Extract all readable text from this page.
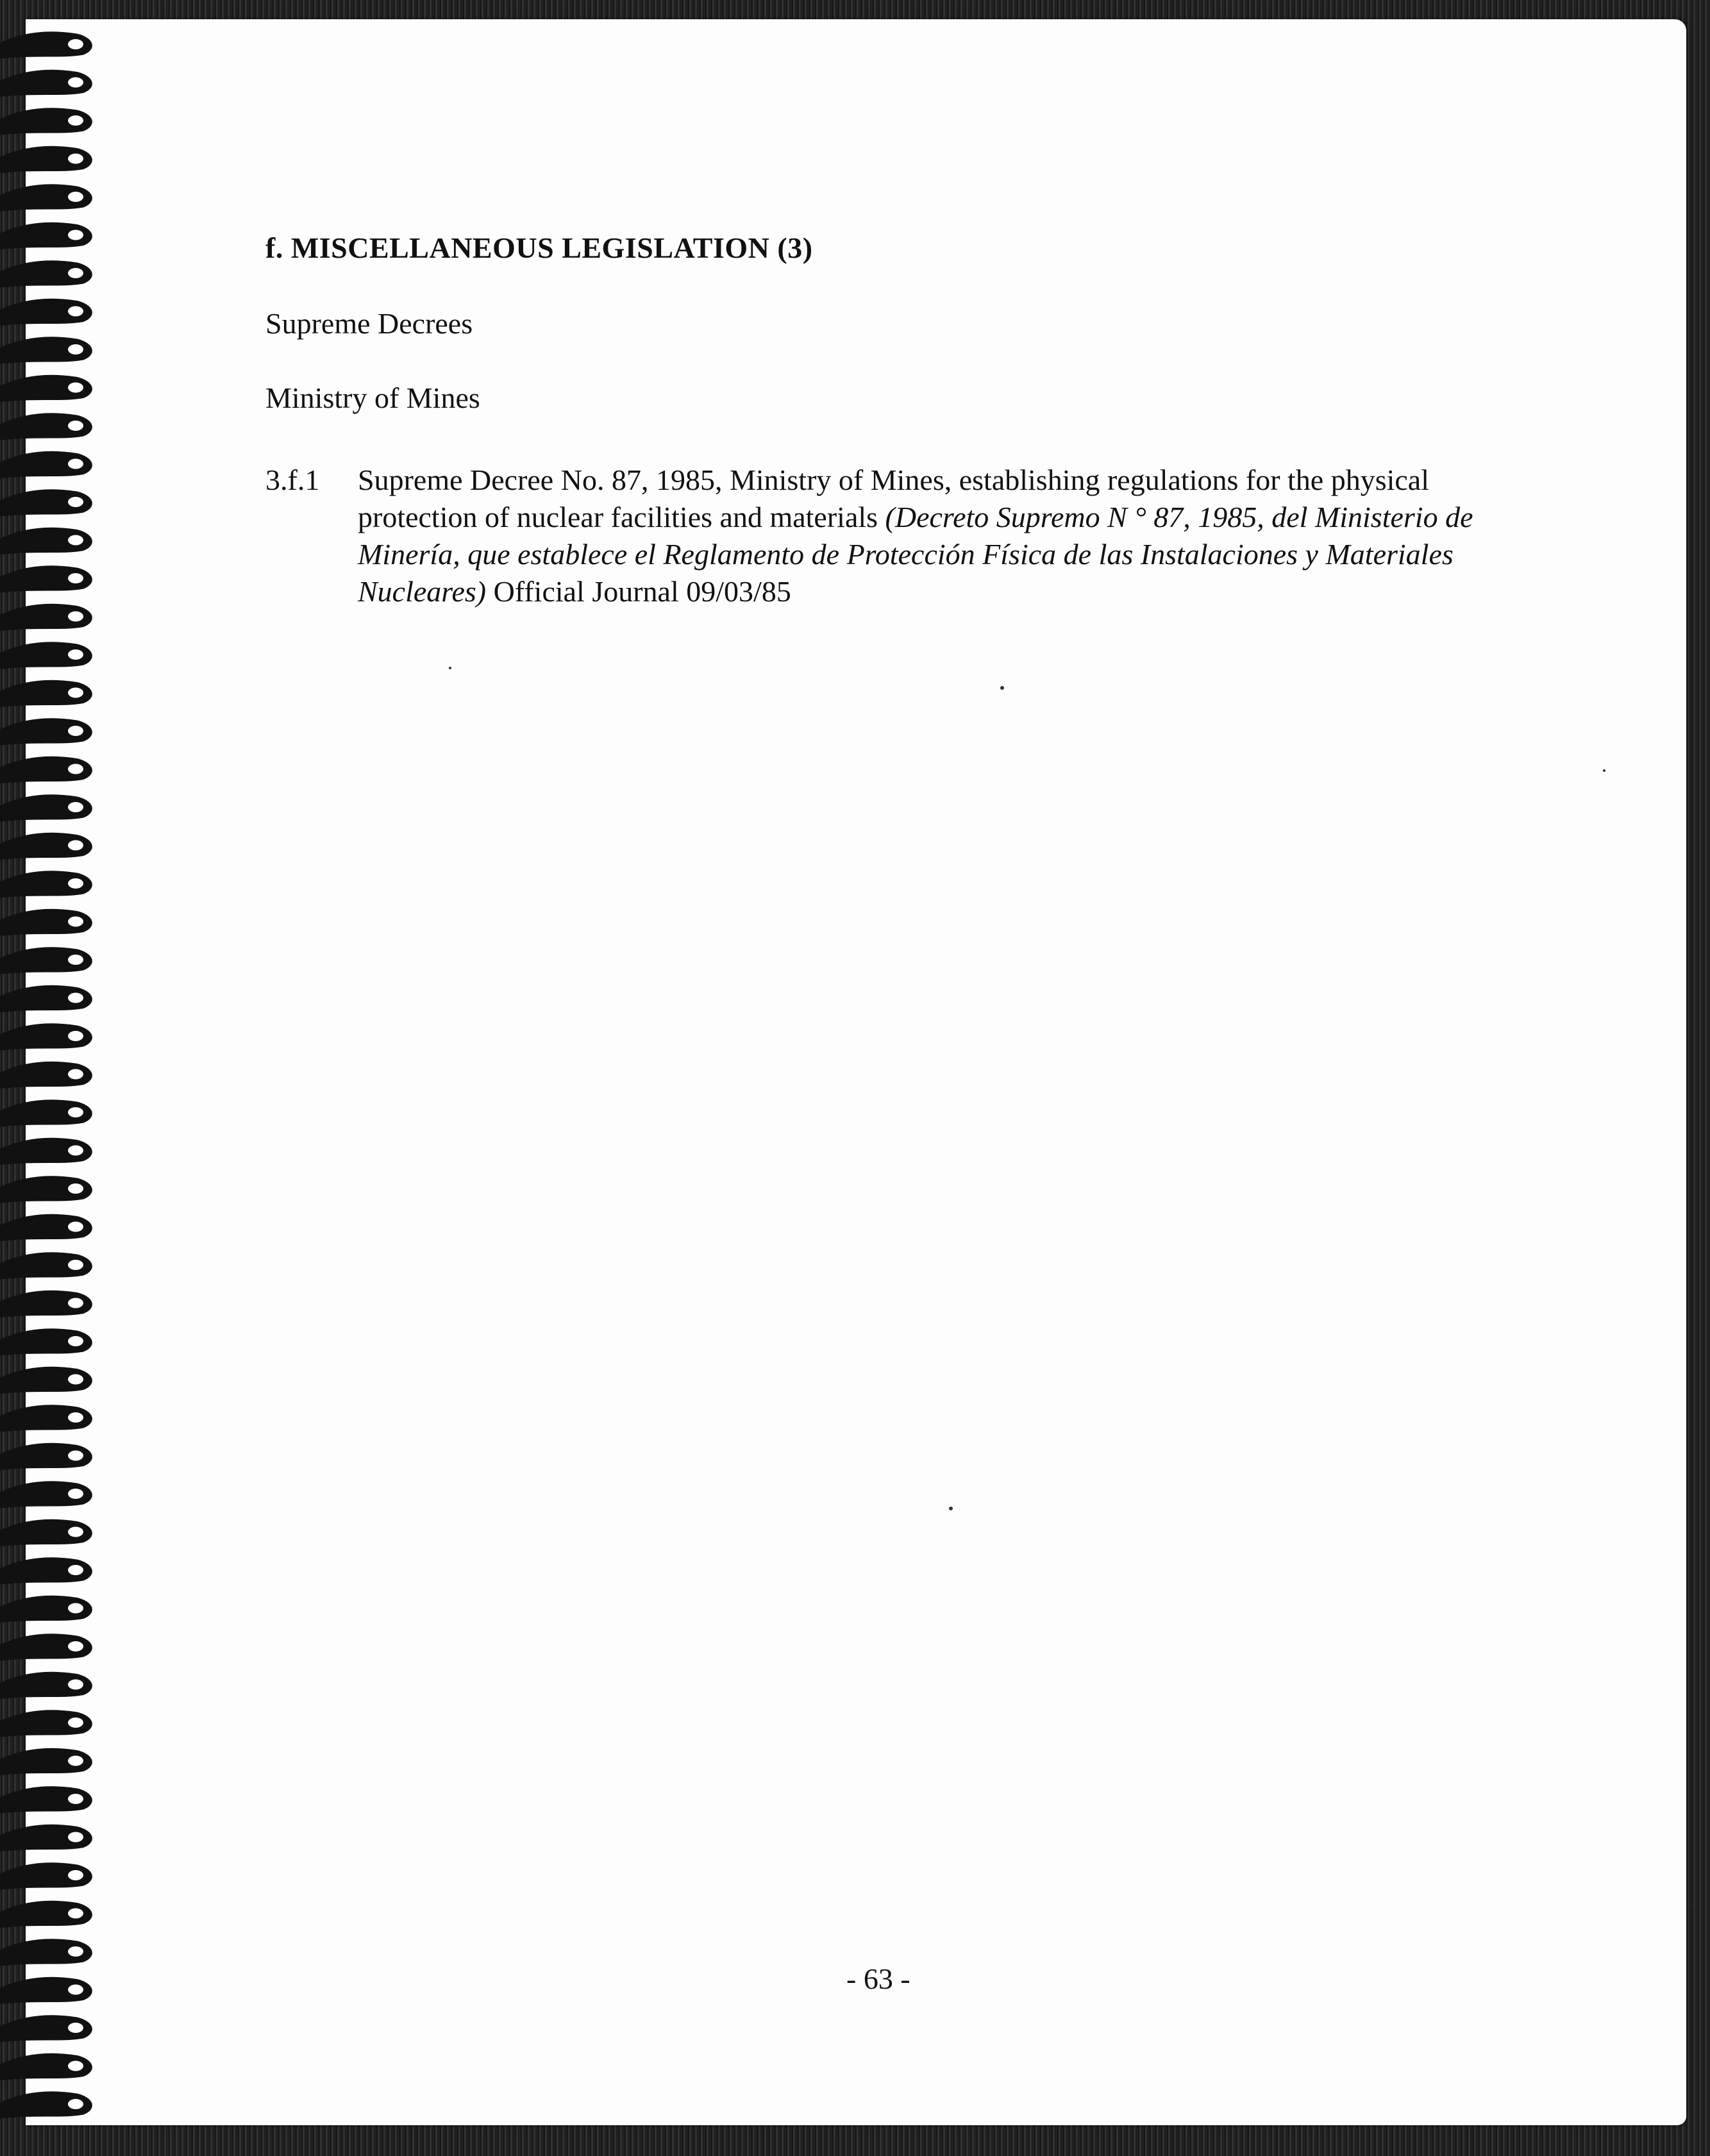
f. MISCELLANEOUS LEGISLATION (3)
Supreme Decrees
Ministry of Mines
3.f.1 Supreme Decree No. 87, 1985, Ministry of Mines, establishing regulations for the physical protection of nuclear facilities and materials (Decreto Supremo N ° 87, 1985, del Ministerio de Minería, que establece el Reglamento de Protección Física de las Instalaciones y Materiales Nucleares) Official Journal 09/03/85
- 63 -
